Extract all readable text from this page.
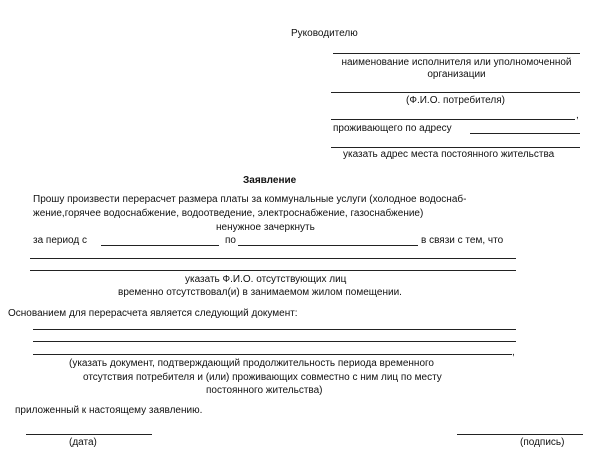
Руководителю
наименование исполнителя или уполномоченной
организации
(Ф.И.О. потребителя)
,
проживающего по адресу
указать адрес места постоянного жительства
Заявление
Прошу произвести перерасчет размера платы за коммунальные услуги (холодное водоснаб-
жение,горячее водоснабжение, водоотведение, электроснабжение, газоснабжение)
ненужное зачеркнуть
за период с	по	в связи с тем, что
указать Ф.И.О. отсутствующих лиц
временно отсутствовал(и) в занимаемом жилом помещении.
Основанием для перерасчета является следующий документ:
,
(указать документ, подтверждающий продолжительность периода временного
отсутствия потребителя и (или) проживающих совместно с ним лиц по месту
постоянного жительства)
приложенный к настоящему заявлению.
(дата)	(подпись)
